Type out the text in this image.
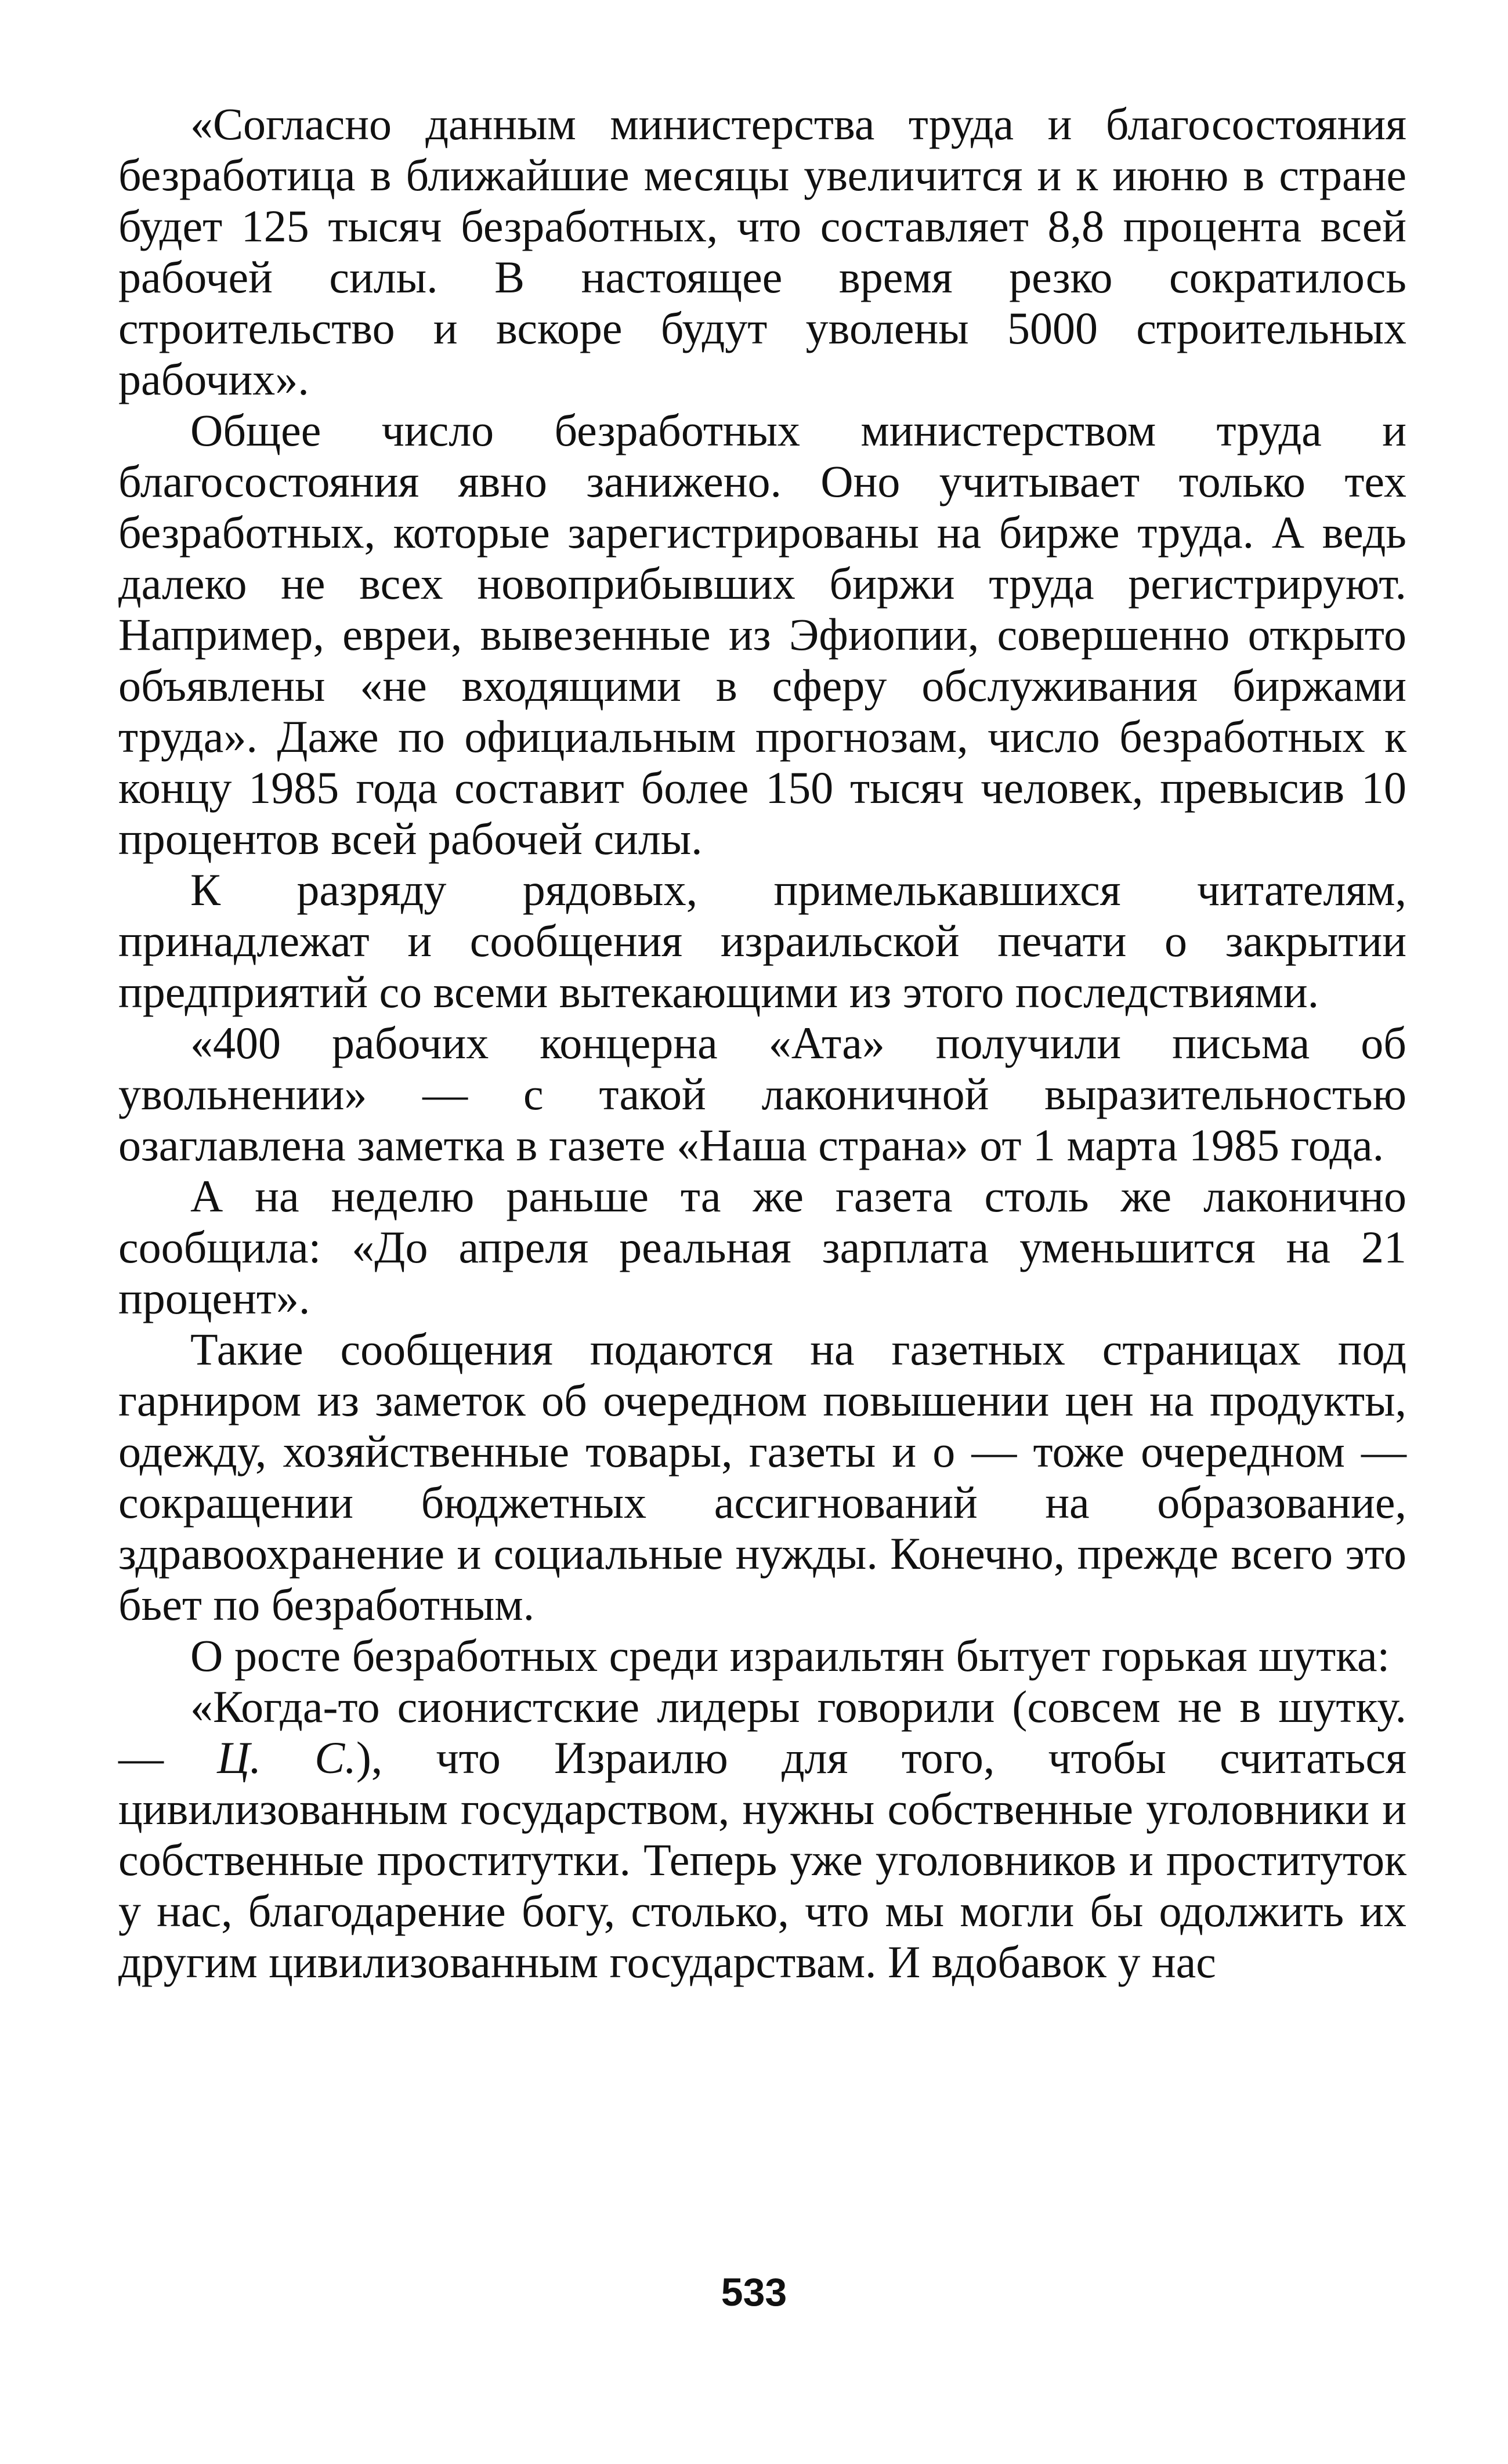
«Согласно данным министерства труда и благосостояния безработица в ближайшие месяцы увеличится и к июню в стране будет 125 тысяч безработных, что составляет 8,8 процента всей рабочей силы. В настоящее время резко сократилось строительство и вскоре будут уволены 5000 строительных рабочих».

Общее число безработных министерством труда и благосостояния явно занижено. Оно учитывает только тех безработных, которые зарегистрированы на бирже труда. А ведь далеко не всех новоприбывших биржи труда регистрируют. Например, евреи, вывезенные из Эфиопии, совершенно открыто объявлены «не входящими в сферу обслуживания биржами труда». Даже по официальным прогнозам, число безработных к концу 1985 года составит более 150 тысяч человек, превысив 10 процентов всей рабочей силы.

К разряду рядовых, примелькавшихся читателям, принадлежат и сообщения израильской печати о закрытии предприятий со всеми вытекающими из этого последствиями.

«400 рабочих концерна «Ата» получили письма об увольнении» — с такой лаконичной выразительностью озаглавлена заметка в газете «Наша страна» от 1 марта 1985 года.

А на неделю раньше та же газета столь же лаконично сообщила: «До апреля реальная зарплата уменьшится на 21 процент».

Такие сообщения подаются на газетных страницах под гарниром из заметок об очередном повышении цен на продукты, одежду, хозяйственные товары, газеты и о — тоже очередном — сокращении бюджетных ассигнований на образование, здравоохранение и социальные нужды. Конечно, прежде всего это бьет по безработным.

О росте безработных среди израильтян бытует горькая шутка:

«Когда-то сионистские лидеры говорили (совсем не в шутку.— Ц. С.), что Израилю для того, чтобы считаться цивилизованным государством, нужны собственные уголовники и собственные проститутки. Теперь уже уголовников и проституток у нас, благодарение богу, столько, что мы могли бы одолжить их другим цивилизованным государствам. И вдобавок у нас

533
